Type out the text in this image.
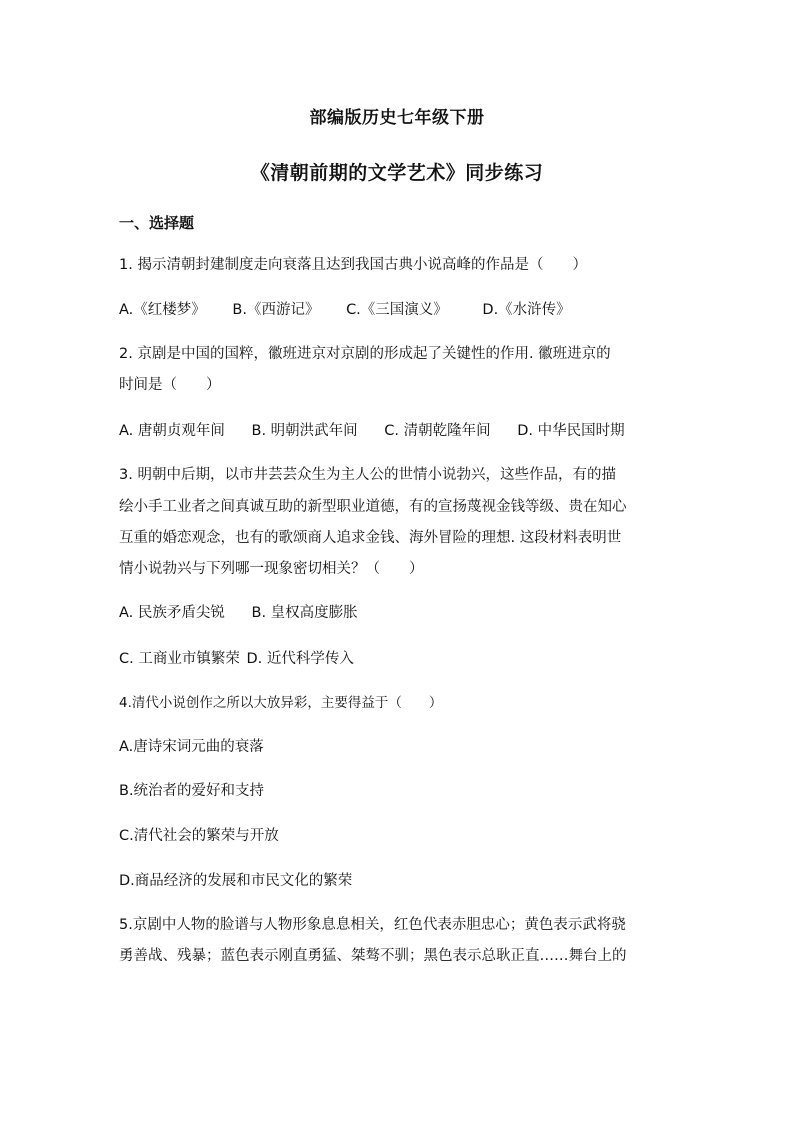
部编版历史七年级下册
《清朝前期的文学艺术》同步练习
一、选择题
1. 揭示清朝封建制度走向衰落且达到我国古典小说高峰的作品是（　　）
A.《红楼梦》 B.《西游记》 C.《三国演义》 D.《水浒传》
2. 京剧是中国的国粹，徽班进京对京剧的形成起了关键性的作用. 徽班进京的
时间是（　　）
A. 唐朝贞观年间 B. 明朝洪武年间 C. 清朝乾隆年间 D. 中华民国时期
3. 明朝中后期，以市井芸芸众生为主人公的世情小说勃兴，这些作品，有的描
绘小手工业者之间真诚互助的新型职业道德，有的宣扬蔑视金钱等级、贵在知心
互重的婚恋观念，也有的歌颂商人追求金钱、海外冒险的理想. 这段材料表明世
情小说勃兴与下列哪一现象密切相关？（　　）
A. 民族矛盾尖锐 B. 皇权高度膨胀
C. 工商业市镇繁荣 D. 近代科学传入
4.清代小说创作之所以大放异彩，主要得益于（　　）
A.唐诗宋词元曲的衰落
B.统治者的爱好和支持
C.清代社会的繁荣与开放
D.商品经济的发展和市民文化的繁荣
5.京剧中人物的脸谱与人物形象息息相关，红色代表赤胆忠心；黄色表示武将骁
勇善战、残暴；蓝色表示刚直勇猛、桀骜不驯；黑色表示总耿正直……舞台上的
